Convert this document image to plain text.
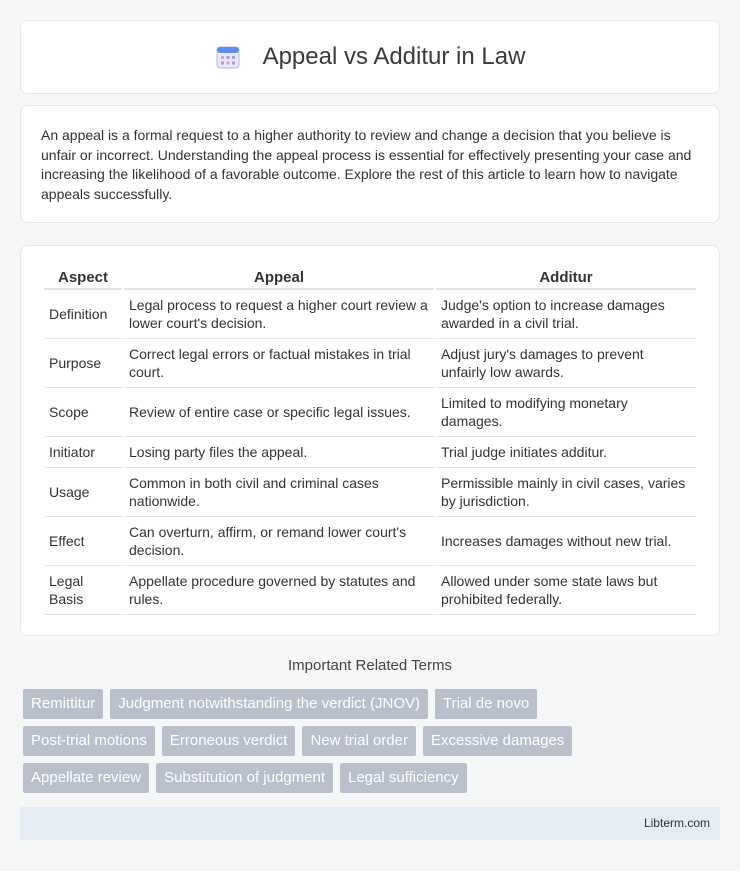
Appeal vs Additur in Law

An appeal is a formal request to a higher authority to review and change a decision that you believe is unfair or incorrect. Understanding the appeal process is essential for effectively presenting your case and increasing the likelihood of a favorable outcome. Explore the rest of this article to learn how to navigate appeals successfully.

Aspect	Appeal	Additur
Definition	Legal process to request a higher court review a lower court's decision.	Judge's option to increase damages awarded in a civil trial.
Purpose	Correct legal errors or factual mistakes in trial court.	Adjust jury's damages to prevent unfairly low awards.
Scope	Review of entire case or specific legal issues.	Limited to modifying monetary damages.
Initiator	Losing party files the appeal.	Trial judge initiates additur.
Usage	Common in both civil and criminal cases nationwide.	Permissible mainly in civil cases, varies by jurisdiction.
Effect	Can overturn, affirm, or remand lower court's decision.	Increases damages without new trial.
Legal Basis	Appellate procedure governed by statutes and rules.	Allowed under some state laws but prohibited federally.
Important Related Terms
Remittitur	Judgment notwithstanding the verdict (JNOV)	Trial de novo
Post-trial motions	Erroneous verdict	New trial order	Excessive damages
Appellate review	Substitution of judgment	Legal sufficiency
Libterm.com
